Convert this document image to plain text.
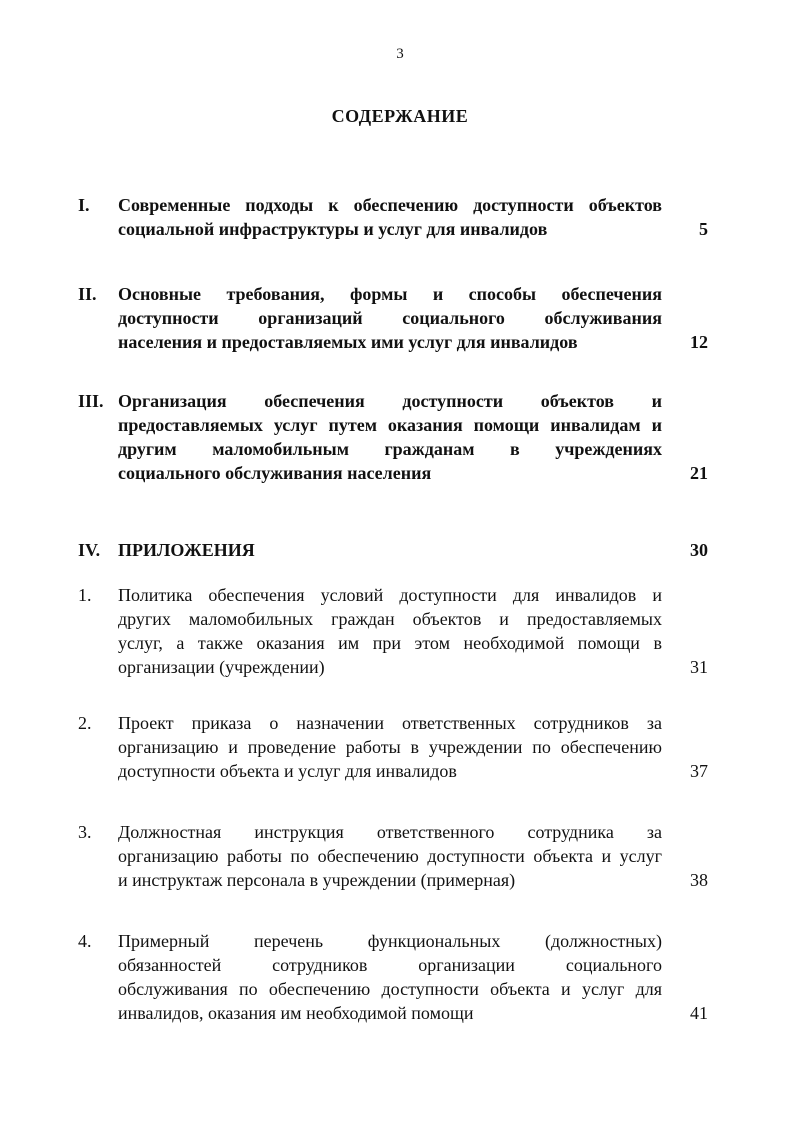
3
СОДЕРЖАНИЕ
I. Современные подходы к обеспечению доступности объектов
социальной инфраструктуры и услуг для инвалидов	5
II. Основные требования, формы и способы обеспечения
доступности организаций социального обслуживания
населения и предоставляемых ими услуг для инвалидов	12
III. Организация обеспечения доступности объектов и
предоставляемых услуг путем оказания помощи инвалидам и
другим маломобильным гражданам в учреждениях
социального обслуживания населения	21
IV. ПРИЛОЖЕНИЯ	30
1. Политика обеспечения условий доступности для инвалидов и
других маломобильных граждан объектов и предоставляемых
услуг, а также оказания им при этом необходимой помощи в
организации (учреждении)	31
2. Проект приказа о назначении ответственных сотрудников за
организацию и проведение работы в учреждении по обеспечению
доступности объекта и услуг для инвалидов	37
3. Должностная инструкция ответственного сотрудника за
организацию работы по обеспечению доступности объекта и услуг
и инструктаж персонала в учреждении (примерная)	38
4. Примерный перечень функциональных (должностных)
обязанностей сотрудников организации социального
обслуживания по обеспечению доступности объекта и услуг для
инвалидов, оказания им необходимой помощи	41
